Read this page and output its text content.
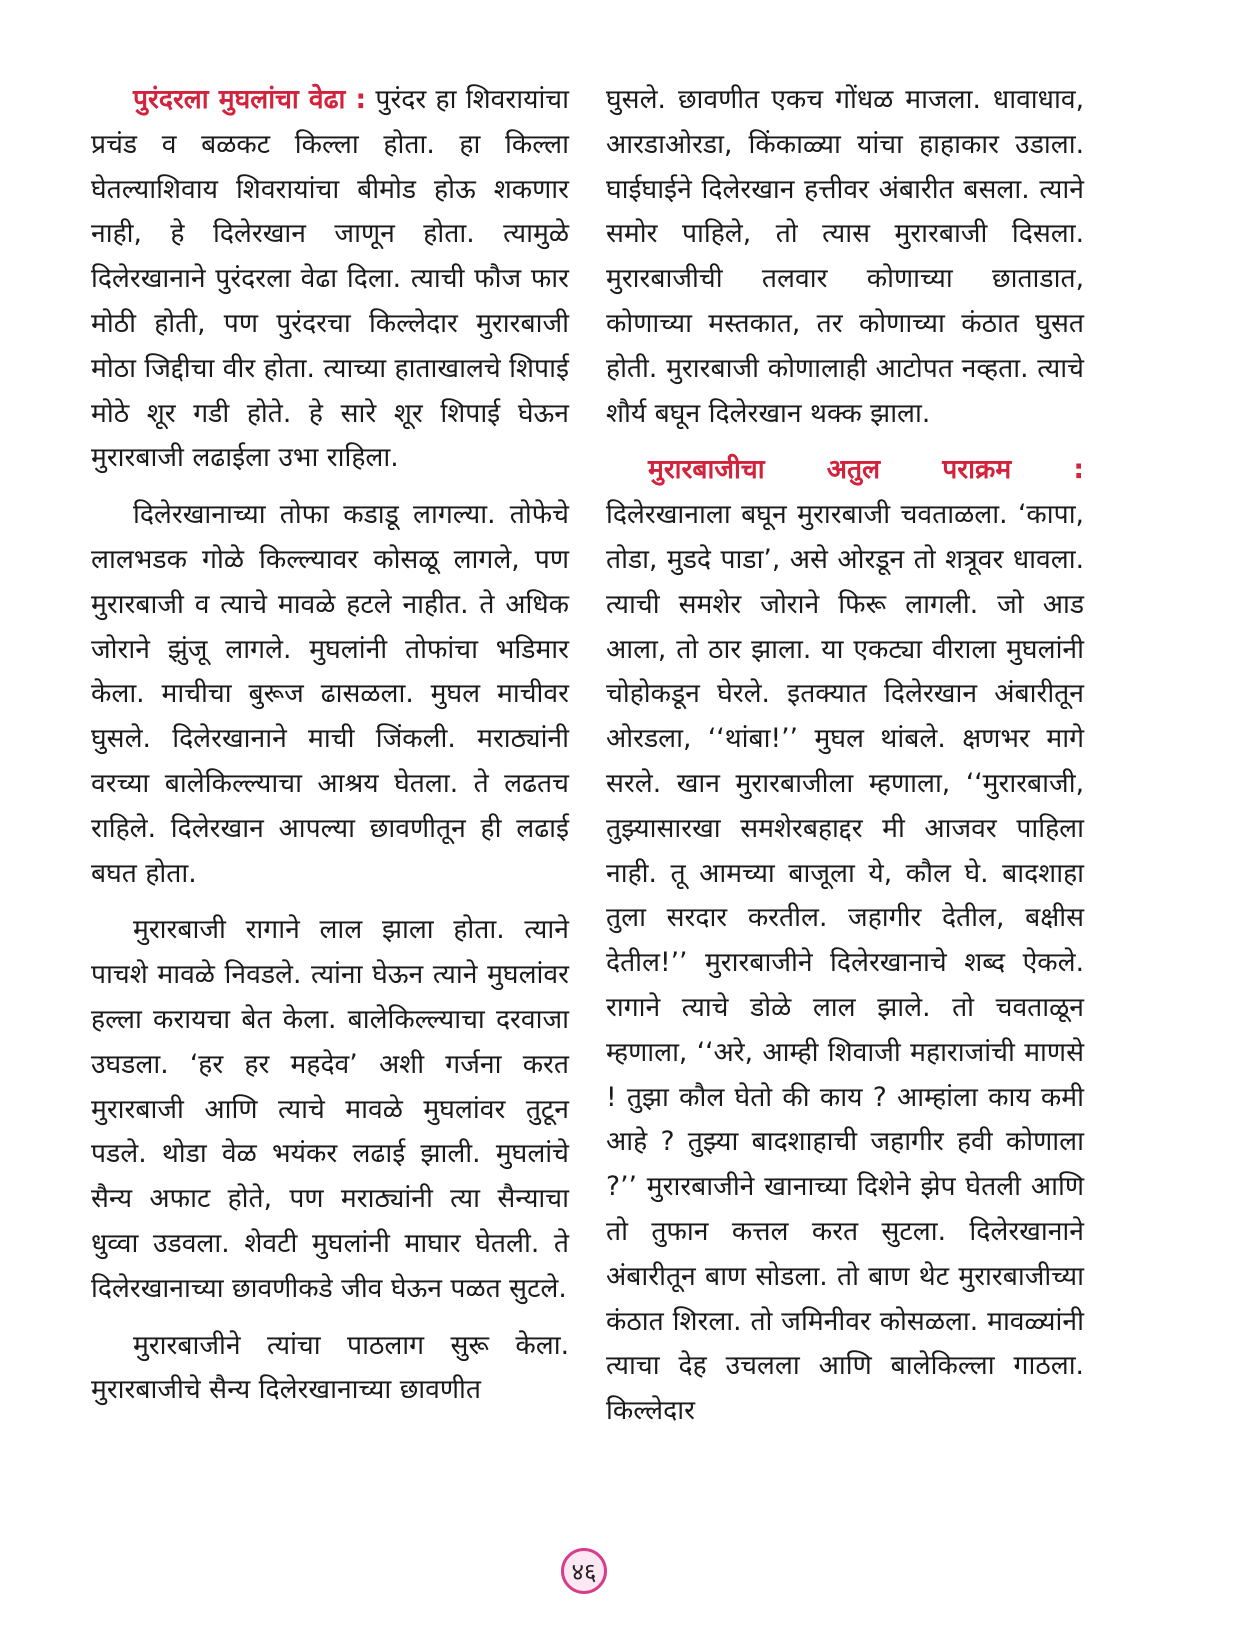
पुरंदरला मुघलांचा वेढा : पुरंदर हा शिवरायांचा प्रचंड व बळकट किल्ला होता. हा किल्ला घेतल्याशिवाय शिवरायांचा बीमोड होऊ शकणार नाही, हे दिलेरखान जाणून होता. त्यामुळे दिलेरखानाने पुरंदरला वेढा दिला. त्याची फौज फार मोठी होती, पण पुरंदरचा किल्लेदार मुरारबाजी मोठा जिद्दीचा वीर होता. त्याच्या हाताखालचे शिपाई मोठे शूर गडी होते. हे सारे शूर शिपाई घेऊन मुरारबाजी लढाईला उभा राहिला.

दिलेरखानाच्या तोफा कडाडू लागल्या. तोफेचे लालभडक गोळे किल्ल्यावर कोसळू लागले, पण मुरारबाजी व त्याचे मावळे हटले नाहीत. ते अधिक जोराने झुंजू लागले. मुघलांनी तोफांचा भडिमार केला. माचीचा बुरूज ढासळला. मुघल माचीवर घुसले. दिलेरखानाने माची जिंकली. मराठ्यांनी वरच्या बालेकिल्ल्याचा आश्रय घेतला. ते लढतच राहिले. दिलेरखान आपल्या छावणीतून ही लढाई बघत होता.

मुरारबाजी रागाने लाल झाला होता. त्याने पाचशे मावळे निवडले. त्यांना घेऊन त्याने मुघलांवर हल्ला करायचा बेत केला. बालेकिल्ल्याचा दरवाजा उघडला. ‘हर हर महदेव’ अशी गर्जना करत मुरारबाजी आणि त्याचे मावळे मुघलांवर तुटून पडले. थोडा वेळ भयंकर लढाई झाली. मुघलांचे सैन्य अफाट होते, पण मराठ्यांनी त्या सैन्याचा धुव्वा उडवला. शेवटी मुघलांनी माघार घेतली. ते दिलेरखानाच्या छावणीकडे जीव घेऊन पळत सुटले.

मुरारबाजीने त्यांचा पाठलाग सुरू केला. मुरारबाजीचे सैन्य दिलेरखानाच्या छावणीत

घुसले. छावणीत एकच गोंधळ माजला. धावाधाव, आरडाओरडा, किंकाळ्या यांचा हाहाकार उडाला. घाईघाईने दिलेरखान हत्तीवर अंबारीत बसला. त्याने समोर पाहिले, तो त्यास मुरारबाजी दिसला. मुरारबाजीची तलवार कोणाच्या छाताडात, कोणाच्या मस्तकात, तर कोणाच्या कंठात घुसत होती. मुरारबाजी कोणालाही आटोपत नव्हता. त्याचे शौर्य बघून दिलेरखान थक्क झाला.

मुरारबाजीचा अतुल पराक्रम :

दिलेरखानाला बघून मुरारबाजी चवताळला. ‘कापा, तोडा, मुडदे पाडा’, असे ओरडून तो शत्रूवर धावला. त्याची समशेर जोराने फिरू लागली. जो आड आला, तो ठार झाला. या एकट्या वीराला मुघलांनी चोहोकडून घेरले. इतक्यात दिलेरखान अंबारीतून ओरडला, ‘‘थांबा!’’ मुघल थांबले. क्षणभर मागे सरले. खान मुरारबाजीला म्हणाला, ‘‘मुरारबाजी, तुझ्यासारखा समशेरबहाद्दर मी आजवर पाहिला नाही. तू आमच्या बाजूला ये, कौल घे. बादशाहा तुला सरदार करतील. जहागीर देतील, बक्षीस देतील!’’ मुरारबाजीने दिलेरखानाचे शब्द ऐकले. रागाने त्याचे डोळे लाल झाले. तो चवताळून म्हणाला, ‘‘अरे, आम्ही शिवाजी महाराजांची माणसे ! तुझा कौल घेतो की काय ? आम्हांला काय कमी आहे ? तुझ्या बादशाहाची जहागीर हवी कोणाला ?’’ मुरारबाजीने खानाच्या दिशेने झेप घेतली आणि तो तुफान कत्तल करत सुटला. दिलेरखानाने अंबारीतून बाण सोडला. तो बाण थेट मुरारबाजीच्या कंठात शिरला. तो जमिनीवर कोसळला. मावळ्यांनी त्याचा देह उचलला आणि बालेकिल्ला गाठला. किल्लेदार

४६
